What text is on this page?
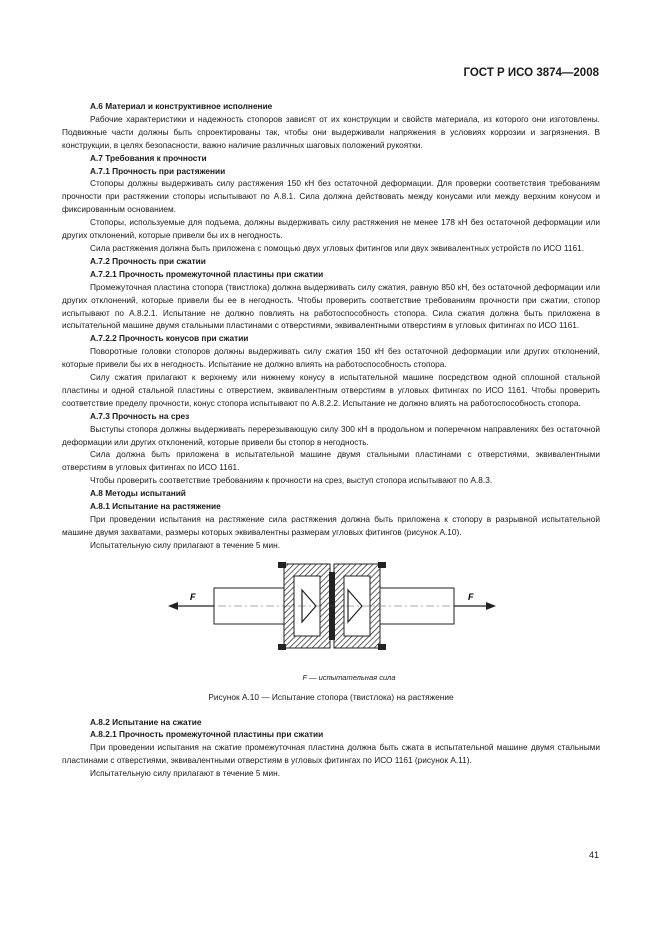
ГОСТ Р ИСО 3874—2008
А.6 Материал и конструктивное исполнение
Рабочие характеристики и надежность стопоров зависят от их конструкции и свойств материала, из которого они изготовлены. Подвижные части должны быть спроектированы так, чтобы они выдерживали напряжения в условиях коррозии и загрязнения. В конструкции, в целях безопасности, важно наличие различных шаговых положений рукоятки.
А.7 Требования к прочности
А.7.1 Прочность при растяжении
Стопоры должны выдерживать силу растяжения 150 кН без остаточной деформации. Для проверки соответствия требованиям прочности при растяжении стопоры испытывают по А.8.1. Сила должна действовать между конусами или между верхним конусом и фиксированным основанием.
Стопоры, используемые для подъема, должны выдерживать силу растяжения не менее 178 кН без остаточной деформации или других отклонений, которые привели бы их в негодность.
Сила растяжения должна быть приложена с помощью двух угловых фитингов или двух эквивалентных устройств по ИСО 1161.
А.7.2 Прочность при сжатии
А.7.2.1 Прочность промежуточной пластины при сжатии
Промежуточная пластина стопора (твистлока) должна выдерживать силу сжатия, равную 850 кН, без остаточной деформации или других отклонений, которые привели бы ее в негодность. Чтобы проверить соответствие требованиям прочности при сжатии, стопор испытывают по А.8.2.1. Испытание не должно повлиять на работоспособность стопора. Сила сжатия должна быть приложена в испытательной машине двумя стальными пластинами с отверстиями, эквивалентными отверстиям в угловых фитингах по ИСО 1161.
А.7.2.2 Прочность конусов при сжатии
Поворотные головки стопоров должны выдерживать силу сжатия 150 кН без остаточной деформации или других отклонений, которые привели бы их в негодность. Испытание не должно влиять на работоспособность стопора.
Силу сжатия прилагают к верхнему или нижнему конусу в испытательной машине посредством одной сплошной стальной пластины и одной стальной пластины с отверстием, эквивалентным отверстиям в угловых фитингах по ИСО 1161. Чтобы проверить соответствие пределу прочности, конус стопора испытывают по А.8.2.2. Испытание не должно влиять на работоспособность стопора.
А.7.3 Прочность на срез
Выступы стопора должны выдерживать перерезывающую силу 300 кН в продольном и поперечном направлениях без остаточной деформации или других отклонений, которые привели бы стопор в негодность.
Сила должна быть приложена в испытательной машине двумя стальными пластинами с отверстиями, эквивалентными отверстиям в угловых фитингах по ИСО 1161.
Чтобы проверить соответствие требованиям к прочности на срез, выступ стопора испытывают по А.8.3.
А.8 Методы испытаний
А.8.1 Испытание на растяжение
При проведении испытания на растяжение сила растяжения должна быть приложена к стопору в разрывной испытательной машине двумя захватами, размеры которых эквивалентны размерам угловых фитингов (рисунок А.10).
Испытательную силу прилагают в течение 5 мин.
F	F
F — испытательная сила
Рисунок А.10 — Испытание стопора (твистлока) на растяжение
А.8.2 Испытание на сжатие
А.8.2.1 Прочность промежуточной пластины при сжатии
При проведении испытания на сжатие промежуточная пластина должна быть сжата в испытательной машине двумя стальными пластинами с отверстиями, эквивалентными отверстиям в угловых фитингах по ИСО 1161 (рисунок А.11).
Испытательную силу прилагают в течение 5 мин.
41
